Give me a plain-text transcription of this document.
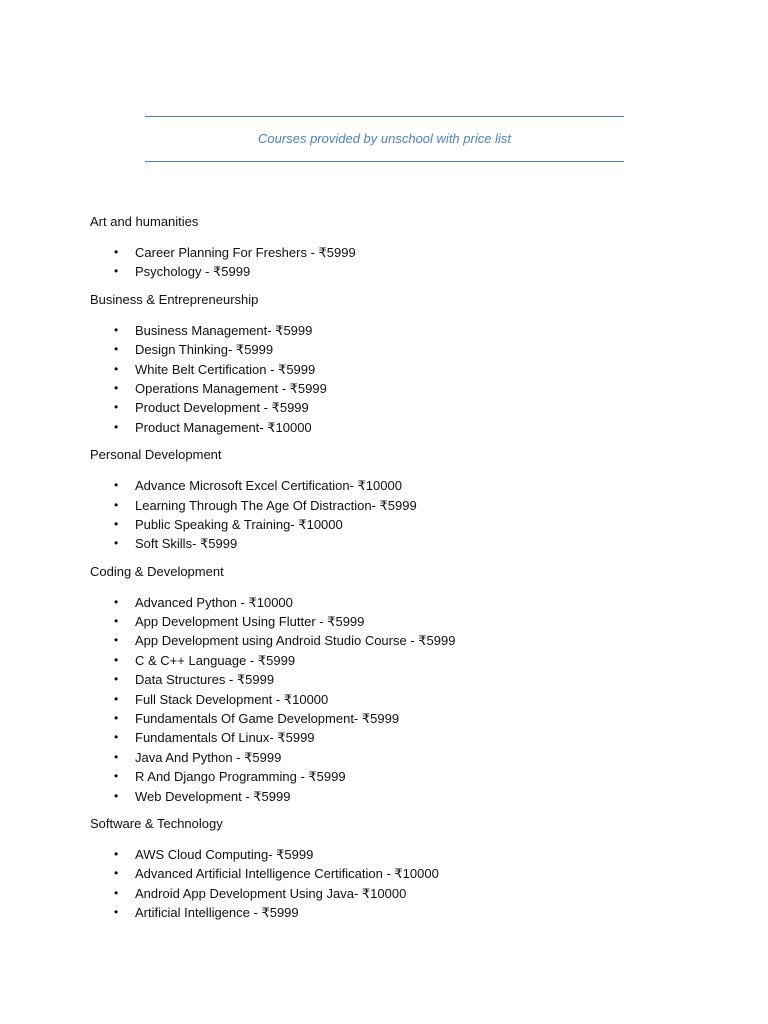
Courses provided by unschool with price list
Art and humanities
• Career Planning For Freshers - ₹5999
• Psychology - ₹5999
Business & Entrepreneurship
• Business Management- ₹5999
• Design Thinking- ₹5999
• White Belt Certification - ₹5999
• Operations Management - ₹5999
• Product Development - ₹5999
• Product Management- ₹10000
Personal Development
• Advance Microsoft Excel Certification- ₹10000
• Learning Through The Age Of Distraction- ₹5999
• Public Speaking & Training- ₹10000
• Soft Skills- ₹5999
Coding & Development
• Advanced Python - ₹10000
• App Development Using Flutter - ₹5999
• App Development using Android Studio Course - ₹5999
• C & C++ Language - ₹5999
• Data Structures - ₹5999
• Full Stack Development - ₹10000
• Fundamentals Of Game Development- ₹5999
• Fundamentals Of Linux- ₹5999
• Java And Python - ₹5999
• R And Django Programming - ₹5999
• Web Development - ₹5999
Software & Technology
• AWS Cloud Computing- ₹5999
• Advanced Artificial Intelligence Certification - ₹10000
• Android App Development Using Java- ₹10000
• Artificial Intelligence - ₹5999
